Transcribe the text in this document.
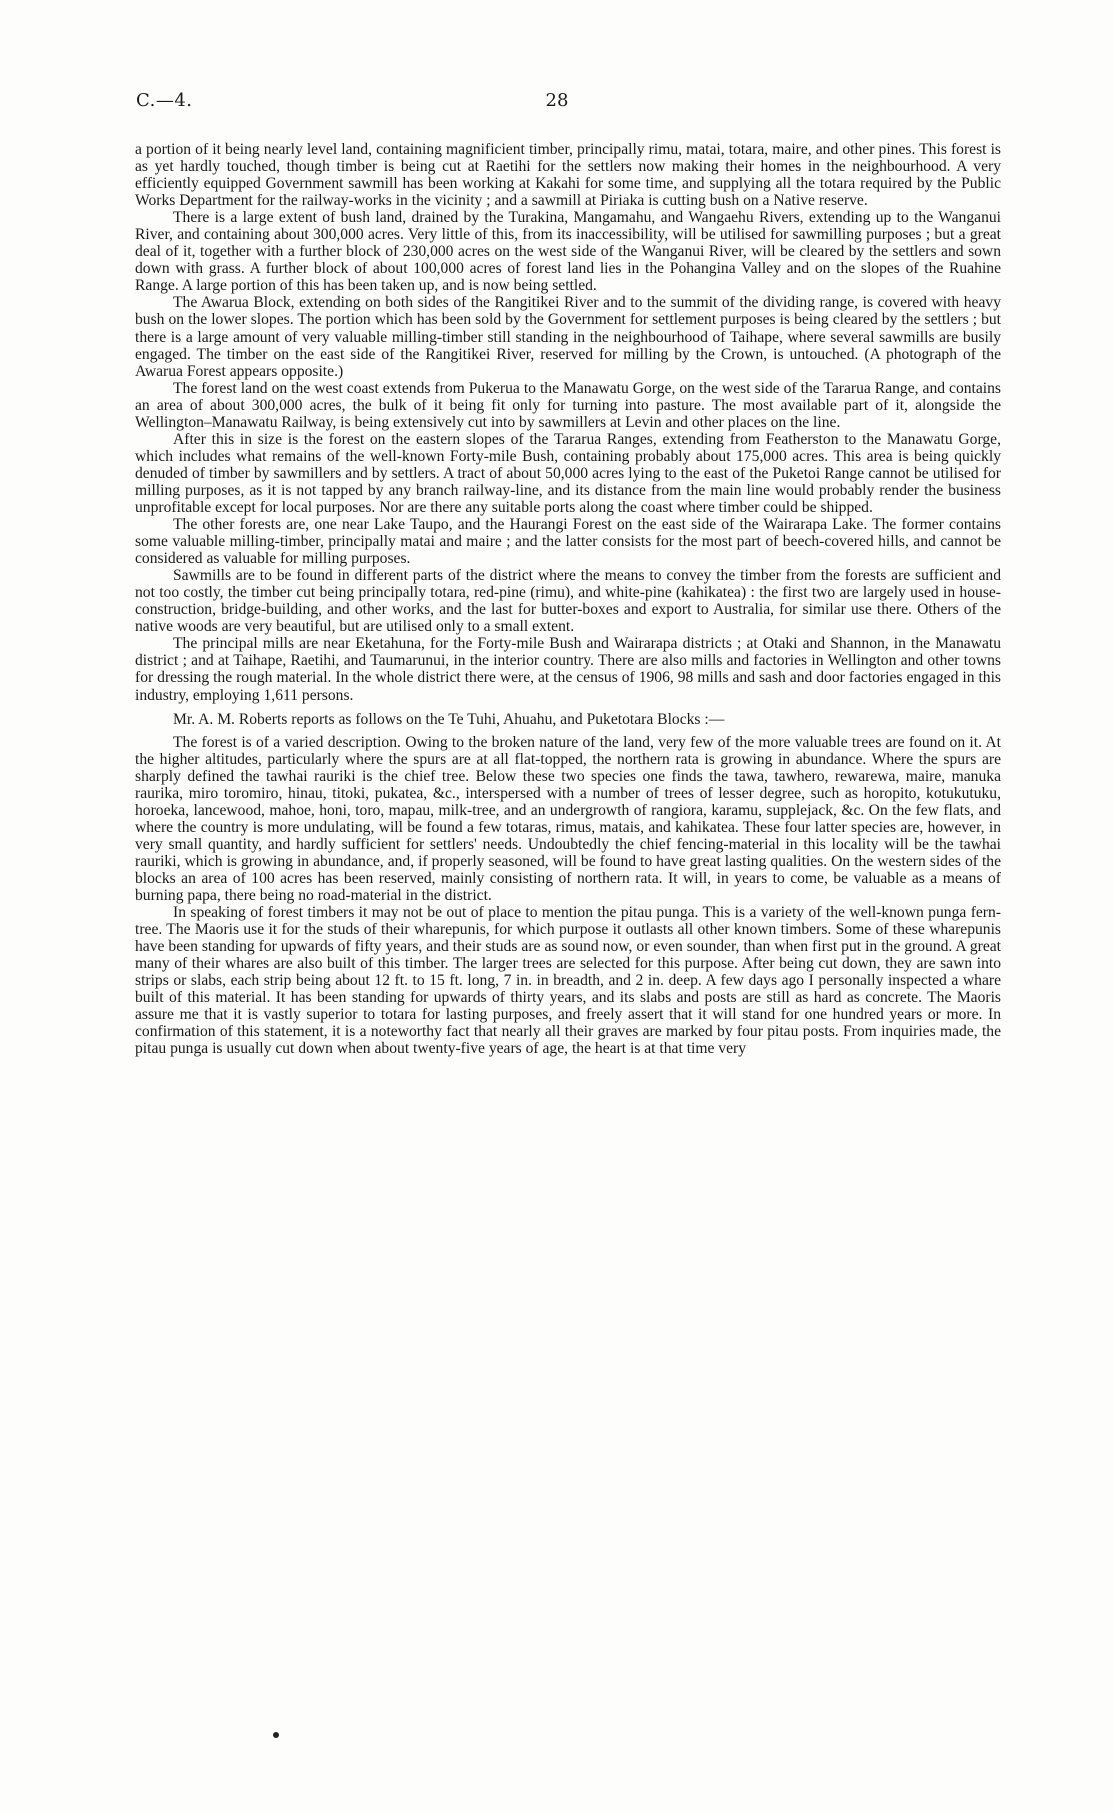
C.—4.	28

a portion of it being nearly level land, containing magnificient timber, principally rimu, matai, totara, maire, and other pines. This forest is as yet hardly touched, though timber is being cut at Raetihi for the settlers now making their homes in the neighbourhood. A very efficiently equipped Government sawmill has been working at Kakahi for some time, and supplying all the totara required by the Public Works Department for the railway-works in the vicinity ; and a sawmill at Piriaka is cutting bush on a Native reserve.

There is a large extent of bush land, drained by the Turakina, Mangamahu, and Wangaehu Rivers, extending up to the Wanganui River, and containing about 300,000 acres. Very little of this, from its inaccessibility, will be utilised for sawmilling purposes ; but a great deal of it, together with a further block of 230,000 acres on the west side of the Wanganui River, will be cleared by the settlers and sown down with grass. A further block of about 100,000 acres of forest land lies in the Pohangina Valley and on the slopes of the Ruahine Range. A large portion of this has been taken up, and is now being settled.

The Awarua Block, extending on both sides of the Rangitikei River and to the summit of the dividing range, is covered with heavy bush on the lower slopes. The portion which has been sold by the Government for settlement purposes is being cleared by the settlers ; but there is a large amount of very valuable milling-timber still standing in the neighbourhood of Taihape, where several sawmills are busily engaged. The timber on the east side of the Rangitikei River, reserved for milling by the Crown, is untouched. (A photograph of the Awarua Forest appears opposite.)

The forest land on the west coast extends from Pukerua to the Manawatu Gorge, on the west side of the Tararua Range, and contains an area of about 300,000 acres, the bulk of it being fit only for turning into pasture. The most available part of it, alongside the Wellington–Manawatu Railway, is being extensively cut into by sawmillers at Levin and other places on the line.

After this in size is the forest on the eastern slopes of the Tararua Ranges, extending from Featherston to the Manawatu Gorge, which includes what remains of the well-known Forty-mile Bush, containing probably about 175,000 acres. This area is being quickly denuded of timber by sawmillers and by settlers. A tract of about 50,000 acres lying to the east of the Puketoi Range cannot be utilised for milling purposes, as it is not tapped by any branch railway-line, and its distance from the main line would probably render the business unprofitable except for local purposes. Nor are there any suitable ports along the coast where timber could be shipped.

The other forests are, one near Lake Taupo, and the Haurangi Forest on the east side of the Wairarapa Lake. The former contains some valuable milling-timber, principally matai and maire ; and the latter consists for the most part of beech-covered hills, and cannot be considered as valuable for milling purposes.

Sawmills are to be found in different parts of the district where the means to convey the timber from the forests are sufficient and not too costly, the timber cut being principally totara, red-pine (rimu), and white-pine (kahikatea) : the first two are largely used in house-construction, bridge-building, and other works, and the last for butter-boxes and export to Australia, for similar use there. Others of the native woods are very beautiful, but are utilised only to a small extent.

The principal mills are near Eketahuna, for the Forty-mile Bush and Wairarapa districts ; at Otaki and Shannon, in the Manawatu district ; and at Taihape, Raetihi, and Taumarunui, in the interior country. There are also mills and factories in Wellington and other towns for dressing the rough material. In the whole district there were, at the census of 1906, 98 mills and sash and door factories engaged in this industry, employing 1,611 persons.

Mr. A. M. Roberts reports as follows on the Te Tuhi, Ahuahu, and Puketotara Blocks :—

The forest is of a varied description. Owing to the broken nature of the land, very few of the more valuable trees are found on it. At the higher altitudes, particularly where the spurs are at all flat-topped, the northern rata is growing in abundance. Where the spurs are sharply defined the tawhai rauriki is the chief tree. Below these two species one finds the tawa, tawhero, rewarewa, maire, manuka raurika, miro toromiro, hinau, titoki, pukatea, &c., interspersed with a number of trees of lesser degree, such as horopito, kotukutuku, horoeka, lancewood, mahoe, honi, toro, mapau, milk-tree, and an undergrowth of rangiora, karamu, supplejack, &c. On the few flats, and where the country is more undulating, will be found a few totaras, rimus, matais, and kahikatea. These four latter species are, however, in very small quantity, and hardly sufficient for settlers' needs. Undoubtedly the chief fencing-material in this locality will be the tawhai rauriki, which is growing in abundance, and, if properly seasoned, will be found to have great lasting qualities. On the western sides of the blocks an area of 100 acres has been reserved, mainly consisting of northern rata. It will, in years to come, be valuable as a means of burning papa, there being no road-material in the district.

In speaking of forest timbers it may not be out of place to mention the pitau punga. This is a variety of the well-known punga fern-tree. The Maoris use it for the studs of their wharepunis, for which purpose it outlasts all other known timbers. Some of these wharepunis have been standing for upwards of fifty years, and their studs are as sound now, or even sounder, than when first put in the ground. A great many of their whares are also built of this timber. The larger trees are selected for this purpose. After being cut down, they are sawn into strips or slabs, each strip being about 12 ft. to 15 ft. long, 7 in. in breadth, and 2 in. deep. A few days ago I personally inspected a whare built of this material. It has been standing for upwards of thirty years, and its slabs and posts are still as hard as concrete. The Maoris assure me that it is vastly superior to totara for lasting purposes, and freely assert that it will stand for one hundred years or more. In confirmation of this statement, it is a noteworthy fact that nearly all their graves are marked by four pitau posts. From inquiries made, the pitau punga is usually cut down when about twenty-five years of age, the heart is at that time very
